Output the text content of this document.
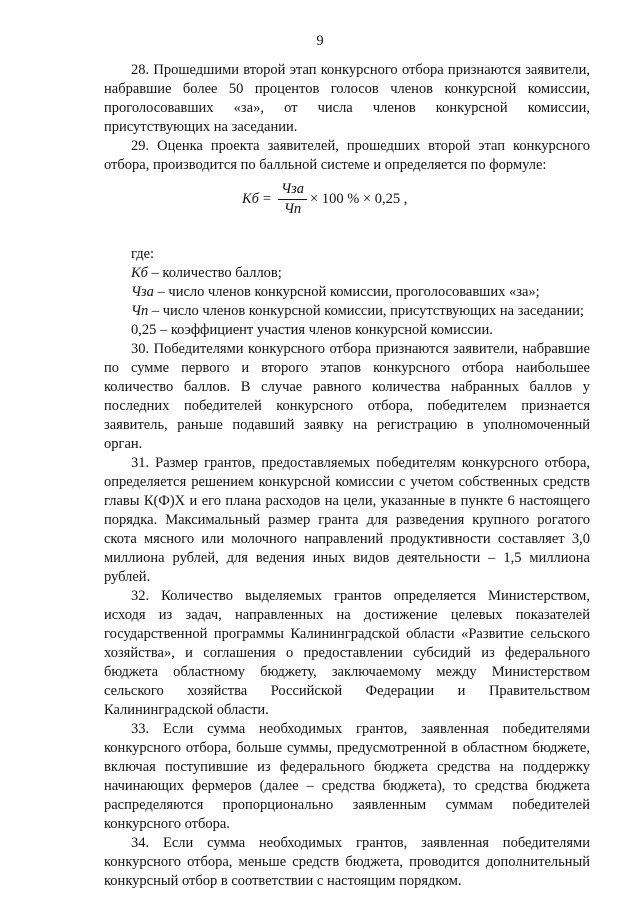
9

28. Прошедшими второй этап конкурсного отбора признаются заявители, набравшие более 50 процентов голосов членов конкурсной комиссии, проголосовавших «за», от числа членов конкурсной комиссии, присутствующих на заседании.

29. Оценка проекта заявителей, прошедших второй этап конкурсного отбора, производится по балльной системе и определяется по формуле:

Кб = $\frac{\text{Чза}}{Чп} \times 100$ % × 0,25 ,

где:

Кб – количество баллов;

Чза – число членов конкурсной комиссии, проголосовавших «за»;

Чп – число членов конкурсной комиссии, присутствующих на заседании;

0,25 – коэффициент участия членов конкурсной комиссии.

30. Победителями конкурсного отбора признаются заявители, набравшие по сумме первого и второго этапов конкурсного отбора наибольшее количество баллов. В случае равного количества набранных баллов у последних победителей конкурсного отбора, победителем признается заявитель, раньше подавший заявку на регистрацию в уполномоченный орган.

31. Размер грантов, предоставляемых победителям конкурсного отбора, определяется решением конкурсной комиссии с учетом собственных средств главы К(Ф)Х и его плана расходов на цели, указанные в пункте 6 настоящего порядка. Максимальный размер гранта для разведения крупного рогатого скота мясного или молочного направлений продуктивности составляет 3,0 миллиона рублей, для ведения иных видов деятельности – 1,5 миллиона рублей.

32. Количество выделяемых грантов определяется Министерством, исходя из задач, направленных на достижение целевых показателей государственной программы Калининградской области «Развитие сельского хозяйства», и соглашения о предоставлении субсидий из федерального бюджета областному бюджету, заключаемому между Министерством сельского хозяйства Российской Федерации и Правительством Калининградской области.

33. Если сумма необходимых грантов, заявленная победителями конкурсного отбора, больше суммы, предусмотренной в областном бюджете, включая поступившие из федерального бюджета средства на поддержку начинающих фермеров (далее – средства бюджета), то средства бюджета распределяются пропорционально заявленным суммам победителей конкурсного отбора.

34. Если сумма необходимых грантов, заявленная победителями конкурсного отбора, меньше средств бюджета, проводится дополнительный конкурсный отбор в соответствии с настоящим порядком.
